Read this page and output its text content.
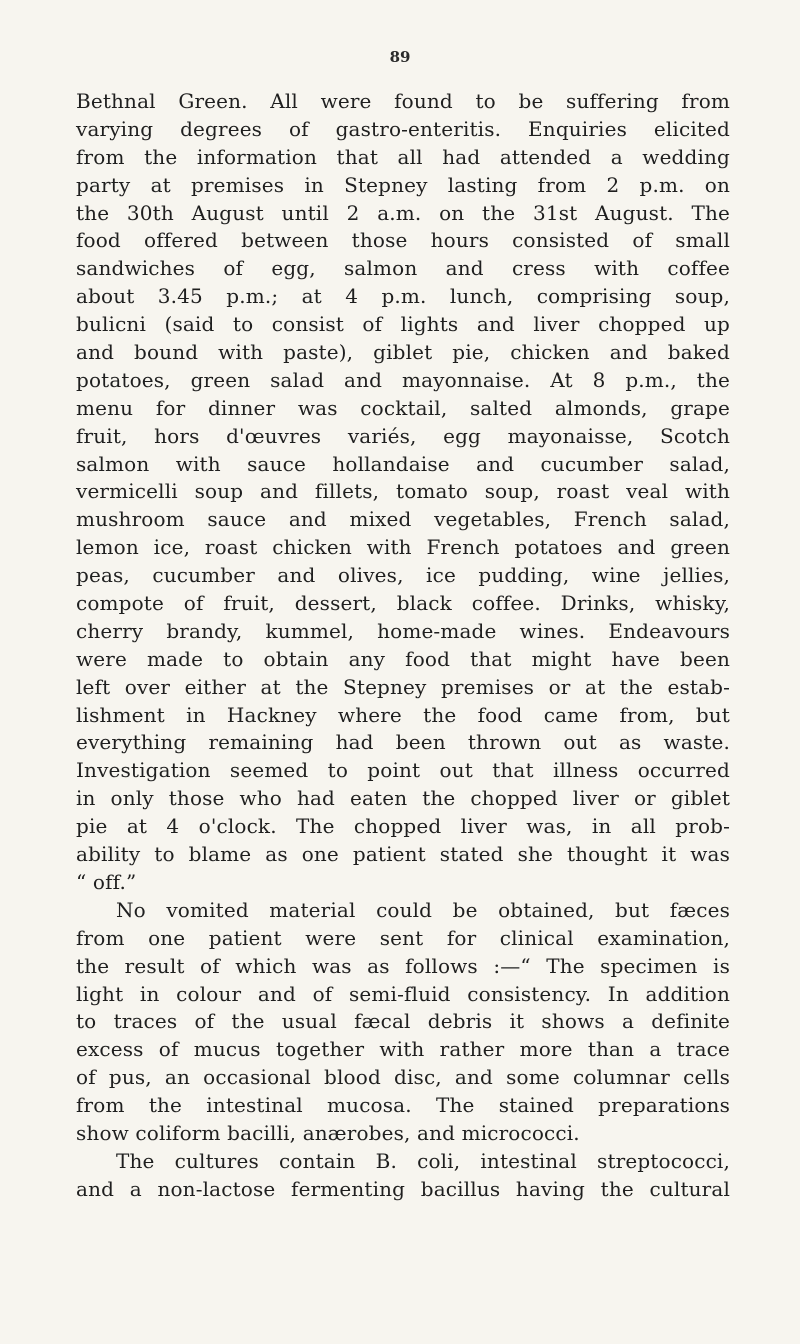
89
Bethnal Green. All were found to be suffering from
varying degrees of gastro-enteritis. Enquiries elicited
from the information that all had attended a wedding
party at premises in Stepney lasting from 2 p.m. on
the 30th August until 2 a.m. on the 31st August. The
food offered between those hours consisted of small
sandwiches of egg, salmon and cress with coffee
about 3.45 p.m.; at 4 p.m. lunch, comprising soup,
bulicni (said to consist of lights and liver chopped up
and bound with paste), giblet pie, chicken and baked
potatoes, green salad and mayonnaise. At 8 p.m., the
menu for dinner was cocktail, salted almonds, grape
fruit, hors d'œuvres variés, egg mayonaisse, Scotch
salmon with sauce hollandaise and cucumber salad,
vermicelli soup and fillets, tomato soup, roast veal with
mushroom sauce and mixed vegetables, French salad,
lemon ice, roast chicken with French potatoes and green
peas, cucumber and olives, ice pudding, wine jellies,
compote of fruit, dessert, black coffee. Drinks, whisky,
cherry brandy, kummel, home-made wines. Endeavours
were made to obtain any food that might have been
left over either at the Stepney premises or at the estab-
lishment in Hackney where the food came from, but
everything remaining had been thrown out as waste.
Investigation seemed to point out that illness occurred
in only those who had eaten the chopped liver or giblet
pie at 4 o'clock. The chopped liver was, in all prob-
ability to blame as one patient stated she thought it was
“ off.”
No vomited material could be obtained, but fæces
from one patient were sent for clinical examination,
the result of which was as follows :—“ The specimen is
light in colour and of semi-fluid consistency. In addition
to traces of the usual fæcal debris it shows a definite
excess of mucus together with rather more than a trace
of pus, an occasional blood disc, and some columnar cells
from the intestinal mucosa. The stained preparations
show coliform bacilli, anærobes, and micrococci.
The cultures contain B. coli, intestinal streptococci,
and a non-lactose fermenting bacillus having the cultural
